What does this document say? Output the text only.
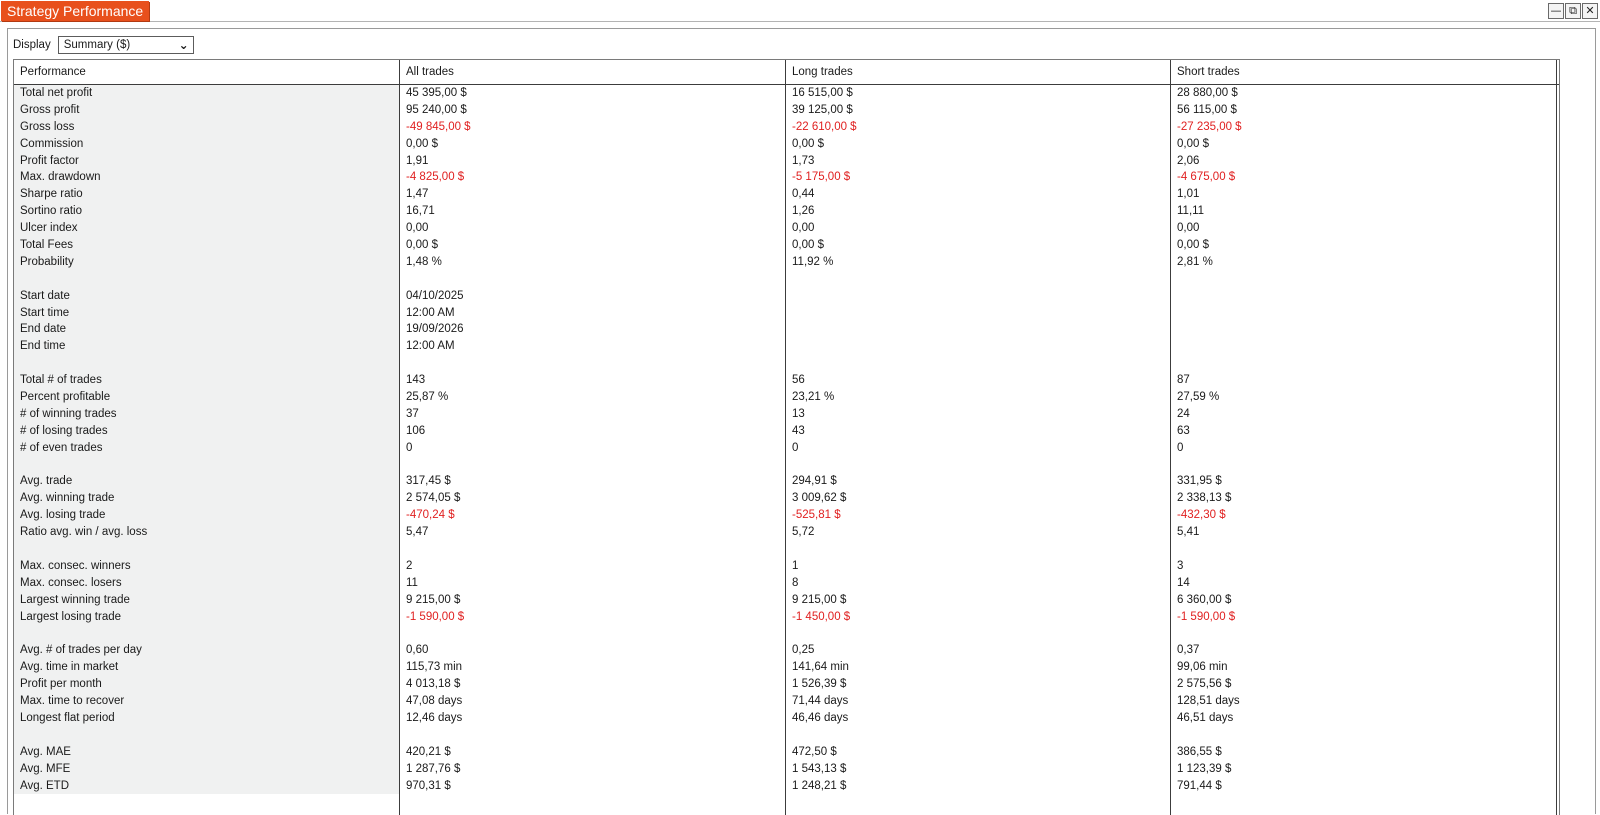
Strategy Performance	— ⧉ ✕
Display	Summary ($)	⌄
Performance	All trades	Long trades	Short trades
Total net profit	45 395,00 $	16 515,00 $	28 880,00 $
Gross profit	95 240,00 $	39 125,00 $	56 115,00 $
Gross loss	-49 845,00 $	-22 610,00 $	-27 235,00 $
Commission	0,00 $	0,00 $	0,00 $
Profit factor	1,91	1,73	2,06
Max. drawdown	-4 825,00 $	-5 175,00 $	-4 675,00 $
Sharpe ratio	1,47	0,44	1,01
Sortino ratio	16,71	1,26	11,11
Ulcer index	0,00	0,00	0,00
Total Fees	0,00 $	0,00 $	0,00 $
Probability	1,48 %	11,92 %	2,81 %
Start date	04/10/2025
Start time	12:00 AM
End date	19/09/2026
End time	12:00 AM
Total # of trades	143	56	87
Percent profitable	25,87 %	23,21 %	27,59 %
# of winning trades	37	13	24
# of losing trades	106	43	63
# of even trades	0	0	0
Avg. trade	317,45 $	294,91 $	331,95 $
Avg. winning trade	2 574,05 $	3 009,62 $	2 338,13 $
Avg. losing trade	-470,24 $	-525,81 $	-432,30 $
Ratio avg. win / avg. loss	5,47	5,72	5,41
Max. consec. winners	2	1	3
Max. consec. losers	11	8	14
Largest winning trade	9 215,00 $	9 215,00 $	6 360,00 $
Largest losing trade	-1 590,00 $	-1 450,00 $	-1 590,00 $
Avg. # of trades per day	0,60	0,25	0,37
Avg. time in market	115,73 min	141,64 min	99,06 min
Profit per month	4 013,18 $	1 526,39 $	2 575,56 $
Max. time to recover	47,08 days	71,44 days	128,51 days
Longest flat period	12,46 days	46,46 days	46,51 days
Avg. MAE	420,21 $	472,50 $	386,55 $
Avg. MFE	1 287,76 $	1 543,13 $	1 123,39 $
Avg. ETD	970,31 $	1 248,21 $	791,44 $
